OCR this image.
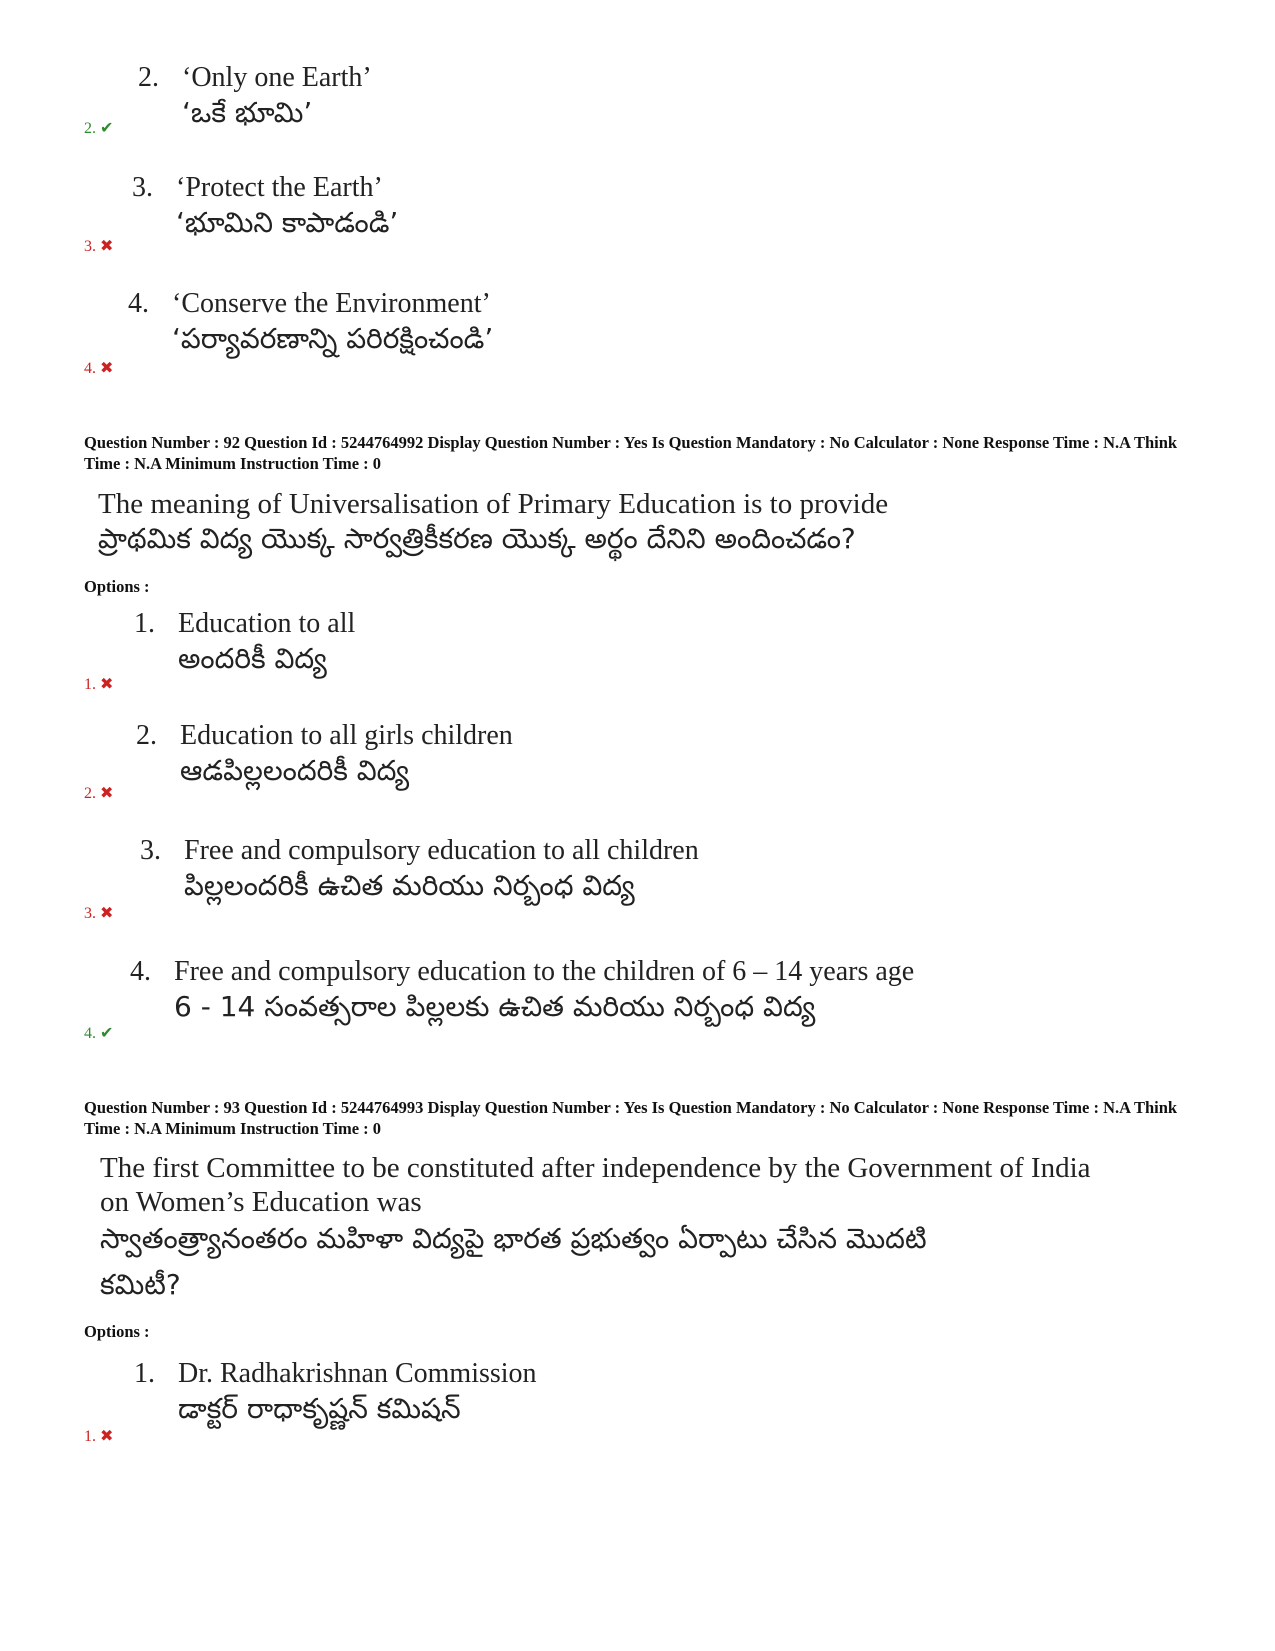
2. ‘Only one Earth’
‘ఒకే భూమి’
2. ✔
3. ‘Protect the Earth’
‘భూమిని కాపాడండి’
3. ✖
4. ‘Conserve the Environment’
‘పర్యావరణాన్ని పరిరక్షించండి’
4. ✖
Question Number : 92 Question Id : 5244764992 Display Question Number : Yes Is Question Mandatory : No Calculator : None Response Time : N.A Think Time : N.A Minimum Instruction Time : 0
The meaning of Universalisation of Primary Education is to provide
ప్రాథమిక విద్య యొక్క సార్వత్రికీకరణ యొక్క అర్థం దేనిని అందించడం?
Options :
1. Education to all
అందరికీ విద్య
1. ✖
2. Education to all girls children
ఆడపిల్లలందరికీ విద్య
2. ✖
3. Free and compulsory education to all children
పిల్లలందరికీ ఉచిత మరియు నిర్బంధ విద్య
3. ✖
4. Free and compulsory education to the children of 6 – 14 years age
6 - 14 సంవత్సరాల పిల్లలకు ఉచిత మరియు నిర్బంధ విద్య
4. ✔
Question Number : 93 Question Id : 5244764993 Display Question Number : Yes Is Question Mandatory : No Calculator : None Response Time : N.A Think Time : N.A Minimum Instruction Time : 0
The first Committee to be constituted after independence by the Government of India
on Women’s Education was
స్వాతంత్ర్యానంతరం మహిళా విద్యపై భారత ప్రభుత్వం ఏర్పాటు చేసిన మొదటి
కమిటీ?
Options :
1. Dr. Radhakrishnan Commission
డాక్టర్ రాధాకృష్ణన్ కమిషన్
1. ✖
